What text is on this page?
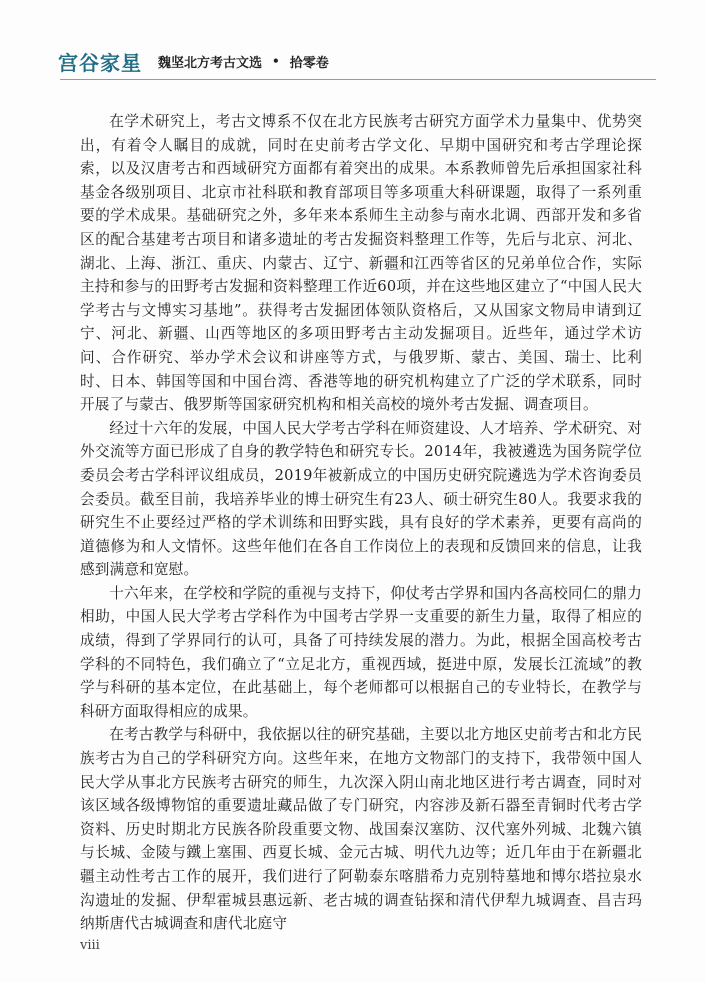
宫谷家星 魏坚北方考古文选 • 拾零卷

在学术研究上，考古文博系不仅在北方民族考古研究方面学术力量集中、优势突出，有着令人瞩目的成就，同时在史前考古学文化、早期中国研究和考古学理论探索，以及汉唐考古和西域研究方面都有着突出的成果。本系教师曾先后承担国家社科基金各级别项目、北京市社科联和教育部项目等多项重大科研课题，取得了一系列重要的学术成果。基础研究之外，多年来本系师生主动参与南水北调、西部开发和多省区的配合基建考古项目和诸多遗址的考古发掘资料整理工作等，先后与北京、河北、湖北、上海、浙江、重庆、内蒙古、辽宁、新疆和江西等省区的兄弟单位合作，实际主持和参与的田野考古发掘和资料整理工作近60项，并在这些地区建立了“中国人民大学考古与文博实习基地”。获得考古发掘团体领队资格后，又从国家文物局申请到辽宁、河北、新疆、山西等地区的多项田野考古主动发掘项目。近些年，通过学术访问、合作研究、举办学术会议和讲座等方式，与俄罗斯、蒙古、美国、瑞士、比利时、日本、韩国等国和中国台湾、香港等地的研究机构建立了广泛的学术联系，同时开展了与蒙古、俄罗斯等国家研究机构和相关高校的境外考古发掘、调查项目。

经过十六年的发展，中国人民大学考古学科在师资建设、人才培养、学术研究、对外交流等方面已形成了自身的教学特色和研究专长。2014年，我被遴选为国务院学位委员会考古学科评议组成员，2019年被新成立的中国历史研究院遴选为学术咨询委员会委员。截至目前，我培养毕业的博士研究生有23人、硕士研究生80人。我要求我的研究生不止要经过严格的学术训练和田野实践，具有良好的学术素养，更要有高尚的道德修为和人文情怀。这些年他们在各自工作岗位上的表现和反馈回来的信息，让我感到满意和宽慰。

十六年来，在学校和学院的重视与支持下，仰仗考古学界和国内各高校同仁的鼎力相助，中国人民大学考古学科作为中国考古学界一支重要的新生力量，取得了相应的成绩，得到了学界同行的认可，具备了可持续发展的潜力。为此，根据全国高校考古学科的不同特色，我们确立了“立足北方，重视西域，挺进中原，发展长江流域”的教学与科研的基本定位，在此基础上，每个老师都可以根据自己的专业特长，在教学与科研方面取得相应的成果。

在考古教学与科研中，我依据以往的研究基础，主要以北方地区史前考古和北方民族考古为自己的学科研究方向。这些年来，在地方文物部门的支持下，我带领中国人民大学从事北方民族考古研究的师生，九次深入阴山南北地区进行考古调查，同时对该区域各级博物馆的重要遗址藏品做了专门研究，内容涉及新石器至青铜时代考古学资料、历史时期北方民族各阶段重要文物、战国秦汉塞防、汉代塞外列城、北魏六镇与长城、金陵与鐵上塞围、西夏长城、金元古城、明代九边等；近几年由于在新疆北疆主动性考古工作的展开，我们进行了阿勒泰东喀腊希力克别特墓地和博尔塔拉泉水沟遗址的发掘、伊犁霍城县惠远新、老古城的调查钻探和清代伊犁九城调查、昌吉玛纳斯唐代古城调查和唐代北庭守

viii
